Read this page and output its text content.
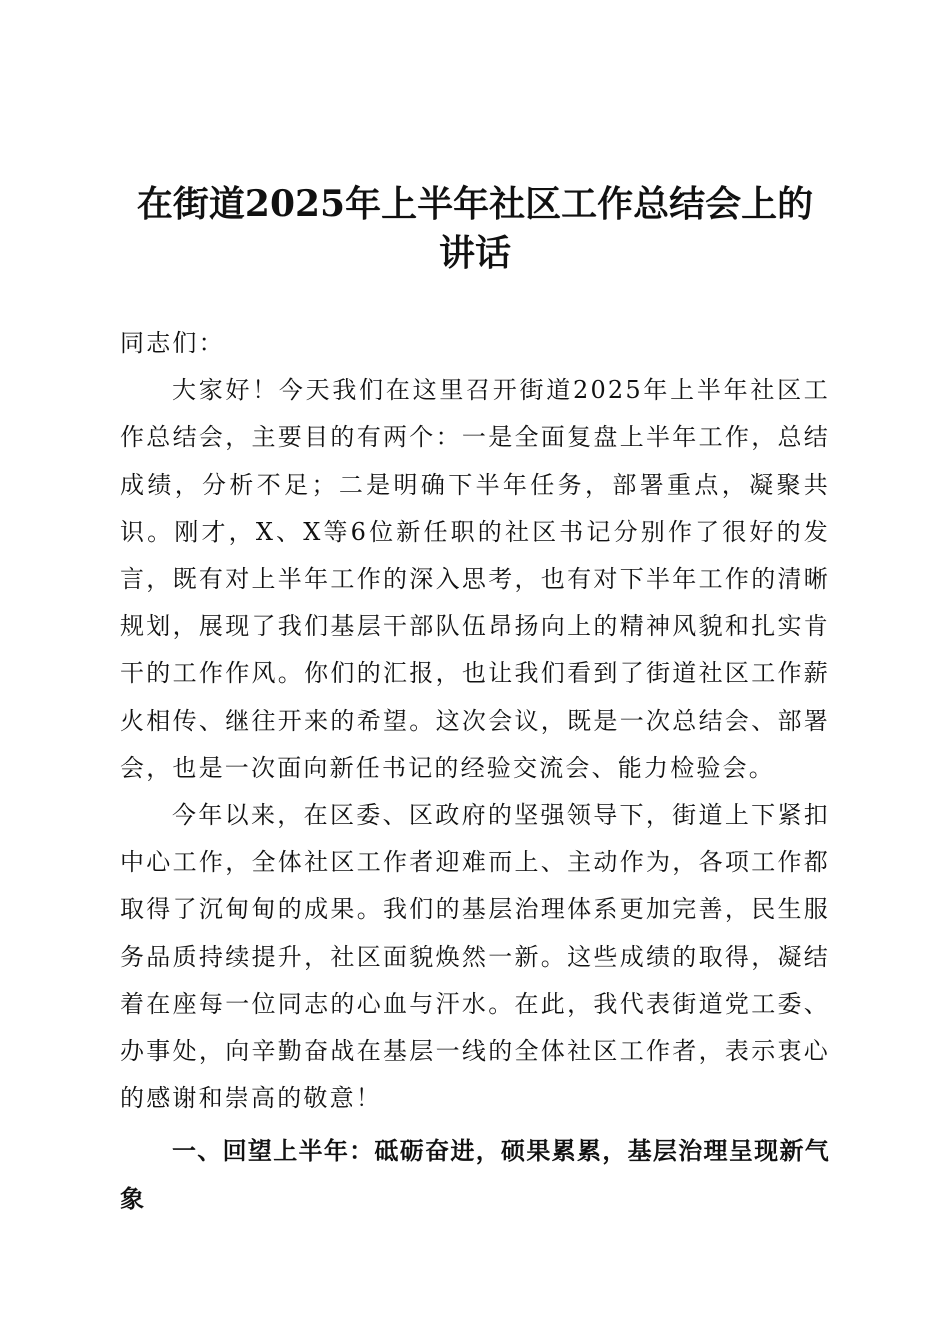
在街道2025年上半年社区工作总结会上的讲话

同志们：

大家好！今天我们在这里召开街道2025年上半年社区工作总结会，主要目的有两个：一是全面复盘上半年工作，总结成绩，分析不足；二是明确下半年任务，部署重点，凝聚共识。刚才，X、X等6位新任职的社区书记分别作了很好的发言，既有对上半年工作的深入思考，也有对下半年工作的清晰规划，展现了我们基层干部队伍昂扬向上的精神风貌和扎实肯干的工作作风。你们的汇报，也让我们看到了街道社区工作薪火相传、继往开来的希望。这次会议，既是一次总结会、部署会，也是一次面向新任书记的经验交流会、能力检验会。

今年以来，在区委、区政府的坚强领导下，街道上下紧扣中心工作，全体社区工作者迎难而上、主动作为，各项工作都取得了沉甸甸的成果。我们的基层治理体系更加完善，民生服务品质持续提升，社区面貌焕然一新。这些成绩的取得，凝结着在座每一位同志的心血与汗水。在此，我代表街道党工委、办事处，向辛勤奋战在基层一线的全体社区工作者，表示衷心的感谢和崇高的敬意！

一、回望上半年：砥砺奋进，硕果累累，基层治理呈现新气象
